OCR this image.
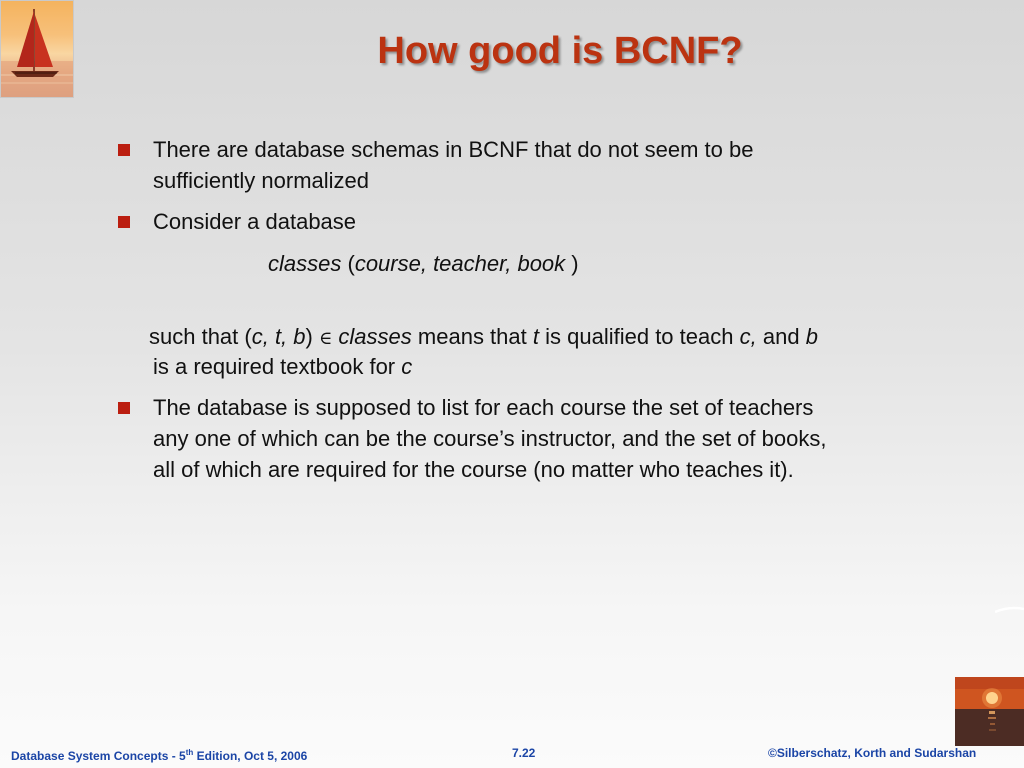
How good is BCNF?
There are database schemas in BCNF that do not seem to be
sufficiently normalized
Consider a database
classes (course, teacher, book )
such that (c, t, b) ∈ classes means that t is qualified to teach c, and b
is a required textbook for c
The database is supposed to list for each course the set of teachers
any one of which can be the course’s instructor, and the set of books,
all of which are required for the course (no matter who teaches it).
Database System Concepts - 5th Edition, Oct 5, 2006	7.22	©Silberschatz, Korth and Sudarshan
